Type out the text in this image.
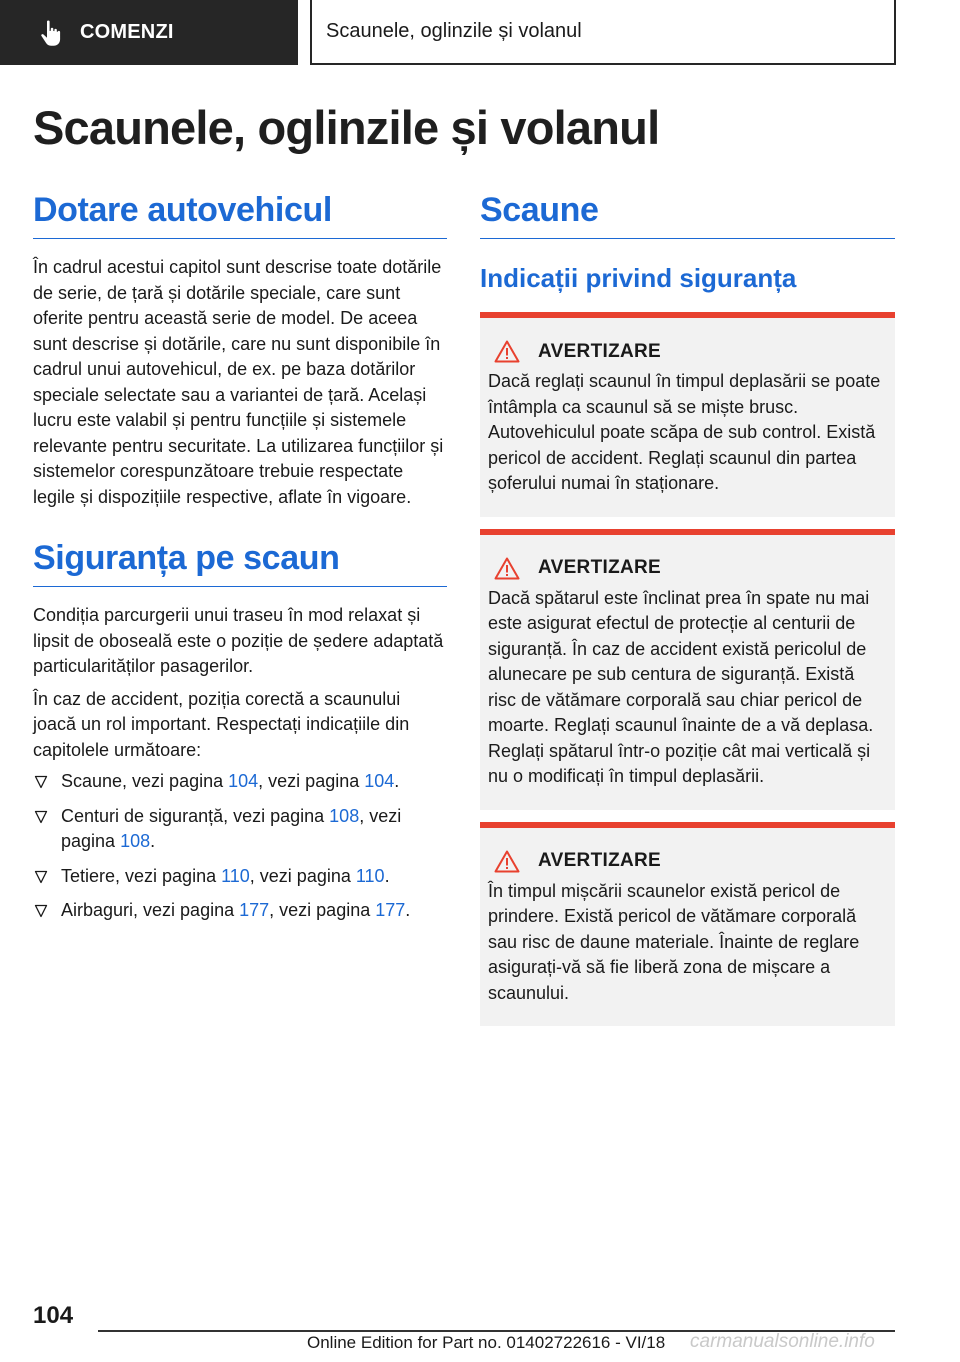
COMENZI	Scaunele, oglinzile și volanul
Scaunele, oglinzile și volanul
Dotare autovehicul

În cadrul acestui capitol sunt descrise toate dotările de serie, de țară și dotările speciale, care sunt oferite pentru această serie de model. De aceea sunt descrise și dotările, care nu sunt disponibile în cadrul unui autovehicul, de ex. pe baza dotărilor speciale selectate sau a variantei de țară. Același lucru este valabil și pentru funcțiile și sistemele relevante pentru securitate. La utilizarea funcțiilor și sistemelor corespunzătoare trebuie respectate legile și dispozițiile respective, aflate în vigoare.

Siguranța pe scaun

Condiția parcurgerii unui traseu în mod relaxat și lipsit de oboseală este o poziție de ședere adaptată particularităților pasagerilor.

În caz de accident, poziția corectă a scaunului joacă un rol important. Respectați indicațiile din capitolele următoare:

Scaune, vezi pagina 104, vezi pagina 104.
Centuri de siguranță, vezi pagina 108, vezi pagina 108.
Tetiere, vezi pagina 110, vezi pagina 110.
Airbaguri, vezi pagina 177, vezi pagina 177.
Scaune
Indicații privind siguranța
AVERTIZARE

Dacă reglați scaunul în timpul deplasării se poate întâmpla ca scaunul să se miște brusc. Autovehiculul poate scăpa de sub control. Există pericol de accident. Reglați scaunul din partea șoferului numai în staționare.

AVERTIZARE

Dacă spătarul este înclinat prea în spate nu mai este asigurat efectul de protecție al centurii de siguranță. În caz de accident există pericolul de alunecare pe sub centura de siguranță. Există risc de vătămare corporală sau chiar pericol de moarte. Reglați scaunul înainte de a vă deplasa. Reglați spătarul într-o poziție cât mai verticală și nu o modificați în timpul deplasării.

AVERTIZARE

În timpul mișcării scaunelor există pericol de prindere. Există pericol de vătămare corporală sau risc de daune materiale. Înainte de reglare asigurați-vă să fie liberă zona de mișcare a scaunului.

104
Online Edition for Part no. 01402722616 - VI/18 carmanualsonline.info
